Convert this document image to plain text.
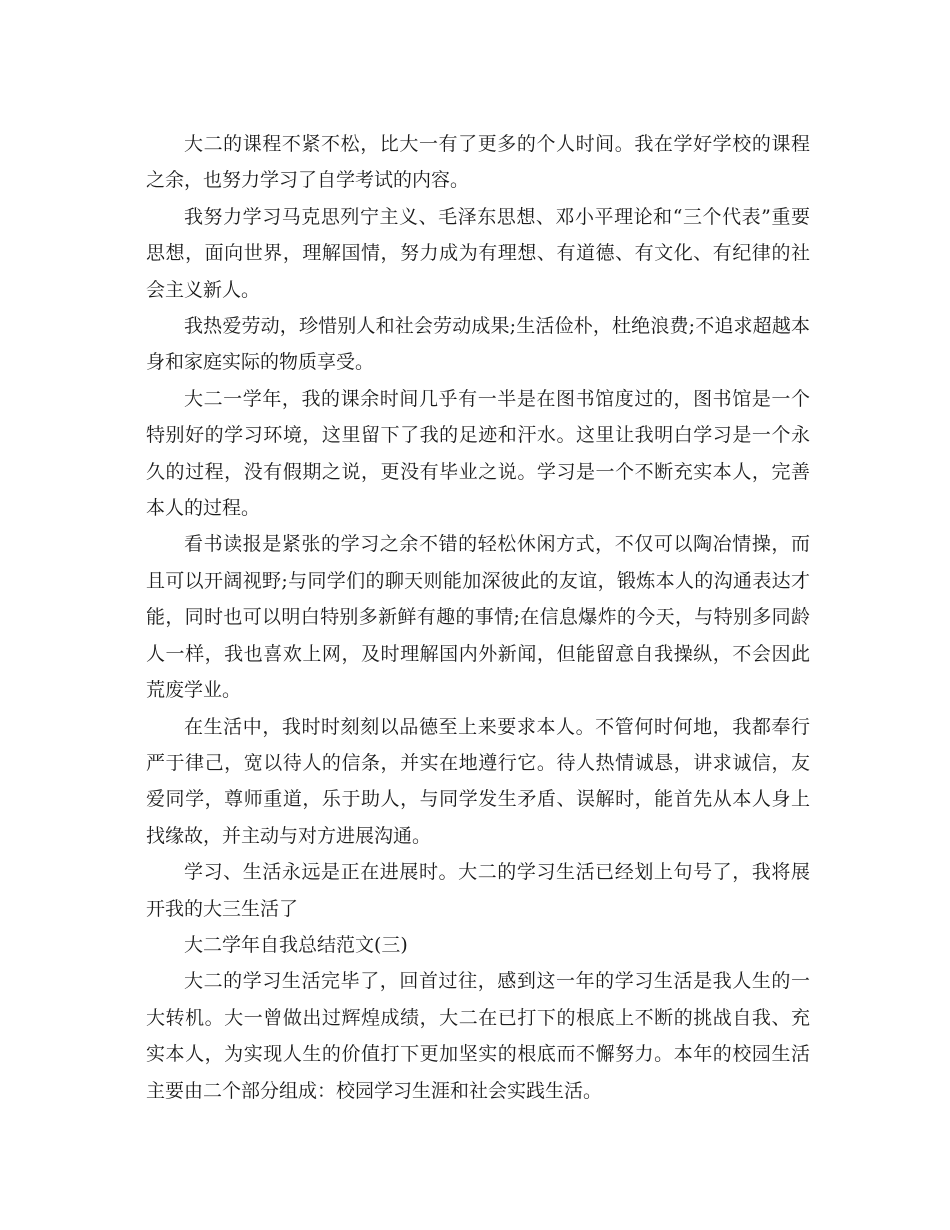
大二的课程不紧不松，比大一有了更多的个人时间。我在学好学校的课程之余，也努力学习了自学考试的内容。

我努力学习马克思列宁主义、毛泽东思想、邓小平理论和“三个代表”重要思想，面向世界，理解国情，努力成为有理想、有道德、有文化、有纪律的社会主义新人。

我热爱劳动，珍惜别人和社会劳动成果;生活俭朴，杜绝浪费;不追求超越本身和家庭实际的物质享受。

大二一学年，我的课余时间几乎有一半是在图书馆度过的，图书馆是一个特别好的学习环境，这里留下了我的足迹和汗水。这里让我明白学习是一个永久的过程，没有假期之说，更没有毕业之说。学习是一个不断充实本人，完善本人的过程。

看书读报是紧张的学习之余不错的轻松休闲方式，不仅可以陶冶情操，而且可以开阔视野;与同学们的聊天则能加深彼此的友谊，锻炼本人的沟通表达才能，同时也可以明白特别多新鲜有趣的事情;在信息爆炸的今天，与特别多同龄人一样，我也喜欢上网，及时理解国内外新闻，但能留意自我操纵，不会因此荒废学业。

在生活中，我时时刻刻以品德至上来要求本人。不管何时何地，我都奉行严于律己，宽以待人的信条，并实在地遵行它。待人热情诚恳，讲求诚信，友爱同学，尊师重道，乐于助人，与同学发生矛盾、误解时，能首先从本人身上找缘故，并主动与对方进展沟通。

学习、生活永远是正在进展时。大二的学习生活已经划上句号了，我将展开我的大三生活了

大二学年自我总结范文(三)

大二的学习生活完毕了，回首过往，感到这一年的学习生活是我人生的一大转机。大一曾做出过辉煌成绩，大二在已打下的根底上不断的挑战自我、充实本人，为实现人生的价值打下更加坚实的根底而不懈努力。本年的校园生活主要由二个部分组成：校园学习生涯和社会实践生活。
